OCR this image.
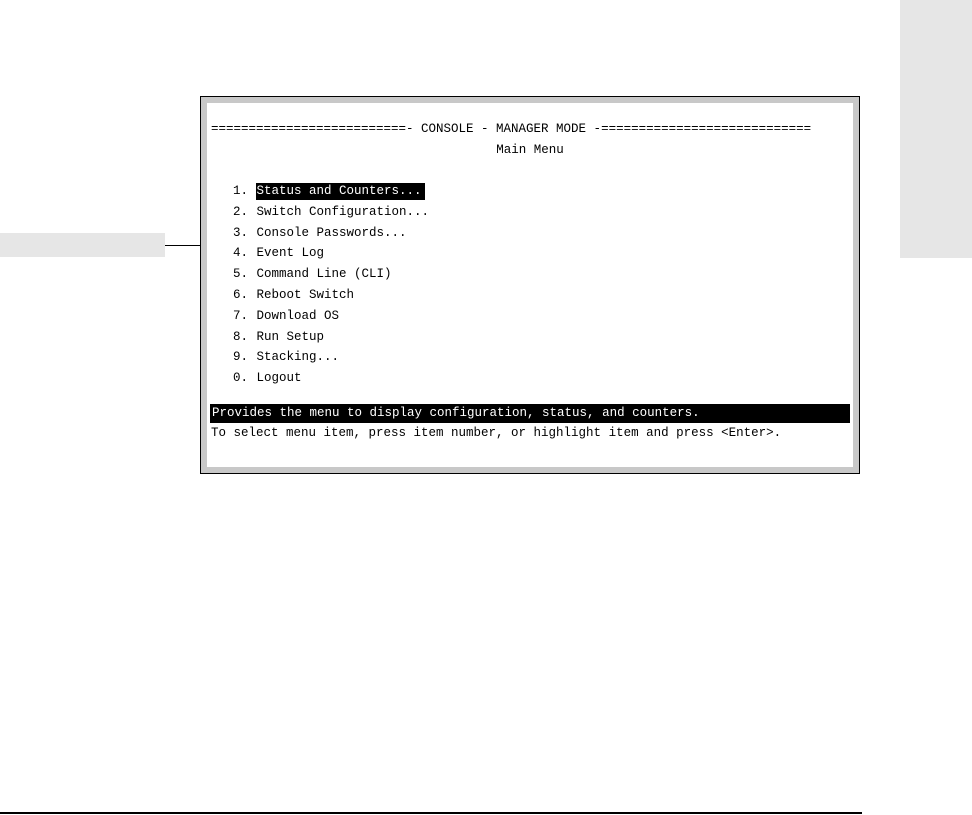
==========================- CONSOLE - MANAGER MODE -============================
Main Menu
1. Status and Counters...
2. Switch Configuration...
3. Console Passwords...
4. Event Log
5. Command Line (CLI)
6. Reboot Switch
7. Download OS
8. Run Setup
9. Stacking...
0. Logout
Provides the menu to display configuration, status, and counters.
To select menu item, press item number, or highlight item and press <Enter>.
